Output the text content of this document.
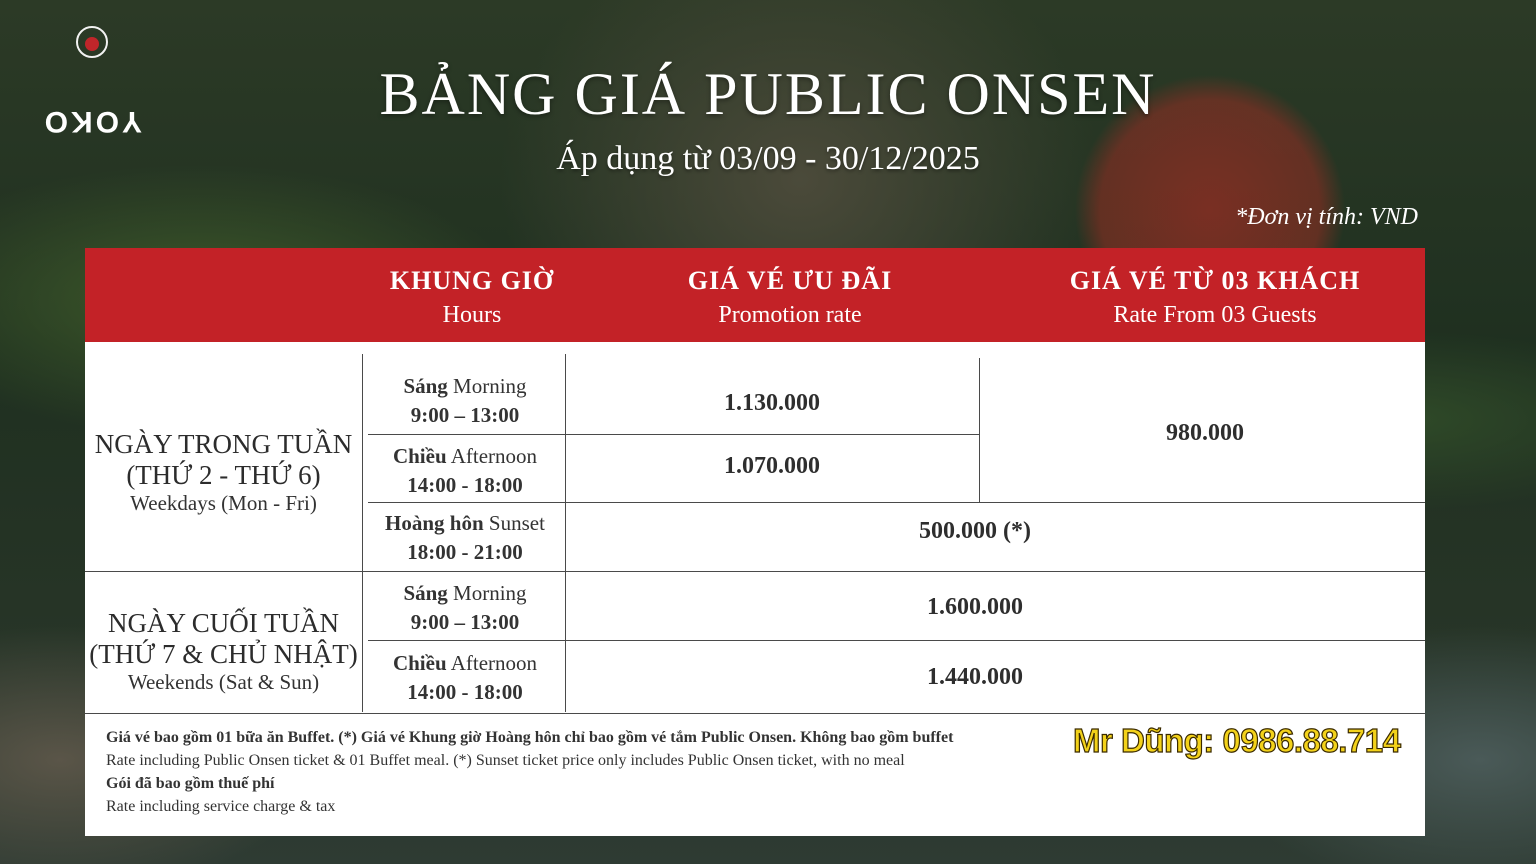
YOKO	BẢNG GIÁ PUBLIC ONSEN
Áp dụng từ 03/09 - 30/12/2025
*Đơn vị tính: VND
KHUNG GIỜ
Hours
GIÁ VÉ ƯU ĐÃI
Promotion rate
GIÁ VÉ TỪ 03 KHÁCH
Rate From 03 Guests
NGÀY TRONG TUẦN
(THỨ 2 - THỨ 6)
Weekdays (Mon - Fri)
Sáng Morning
9:00 – 13:00
Chiều Afternoon
14:00 - 18:00
Hoàng hôn Sunset
18:00 - 21:00
1.130.000
1.070.000
980.000
500.000 (*)
NGÀY CUỐI TUẦN
(THỨ 7 & CHỦ NHẬT)
Weekends (Sat & Sun)
Sáng Morning
9:00 – 13:00
Chiều Afternoon
14:00 - 18:00
1.600.000
1.440.000
Giá vé bao gồm 01 bữa ăn Buffet. (*) Giá vé Khung giờ Hoàng hôn chỉ bao gồm vé tắm Public Onsen. Không bao gồm buffet
Rate including Public Onsen ticket & 01 Buffet meal. (*) Sunset ticket price only includes Public Onsen ticket, with no meal
Gói đã bao gồm thuế phí
Rate including service charge & tax
Mr Dũng: 0986.88.714
